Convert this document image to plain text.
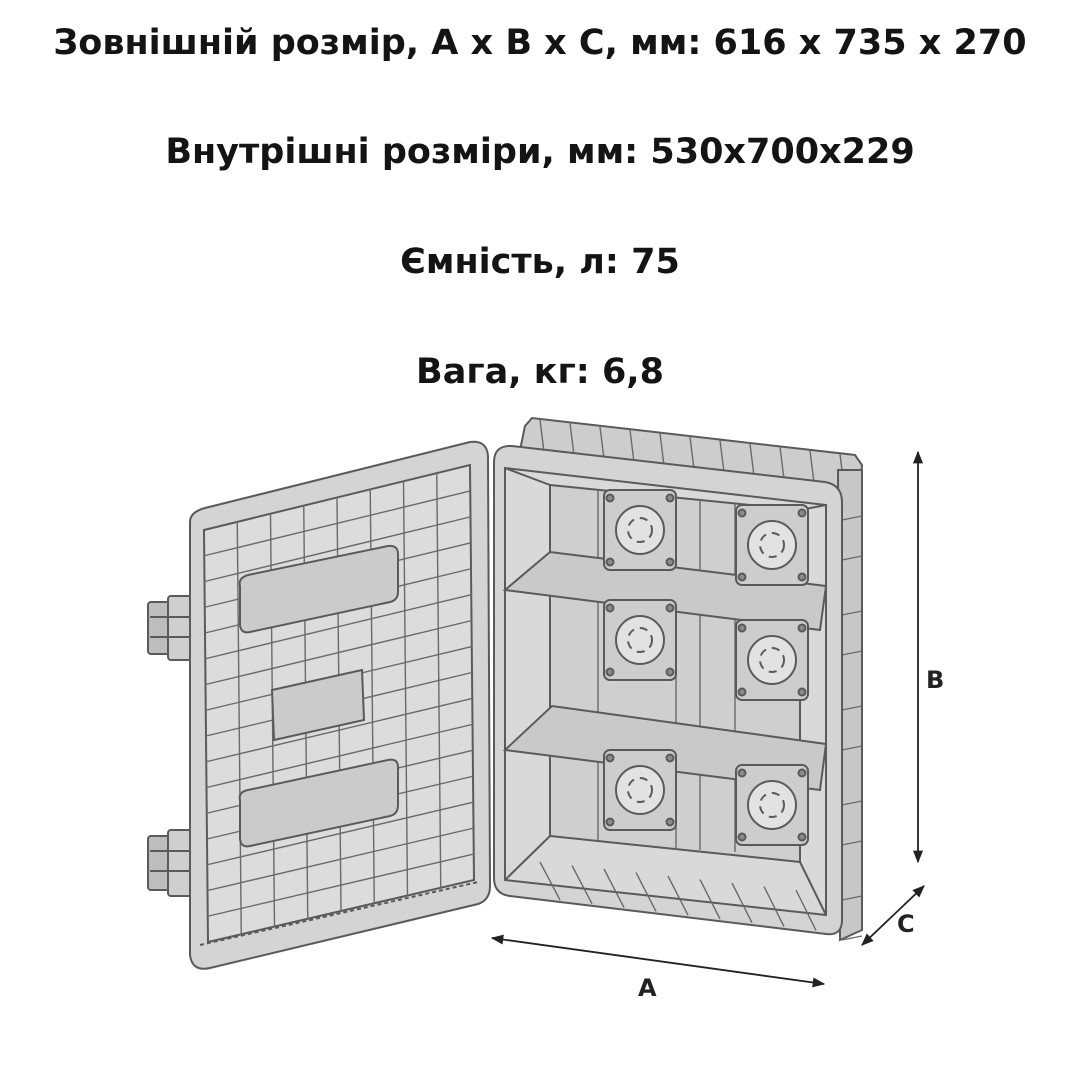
Зовнішній розмір, A x B x C, мм: 616 x 735 x 270

Внутрішні розміри, мм: 530x700x229

Ємність, л: 75

Вага, кг: 6,8

B
A
C
